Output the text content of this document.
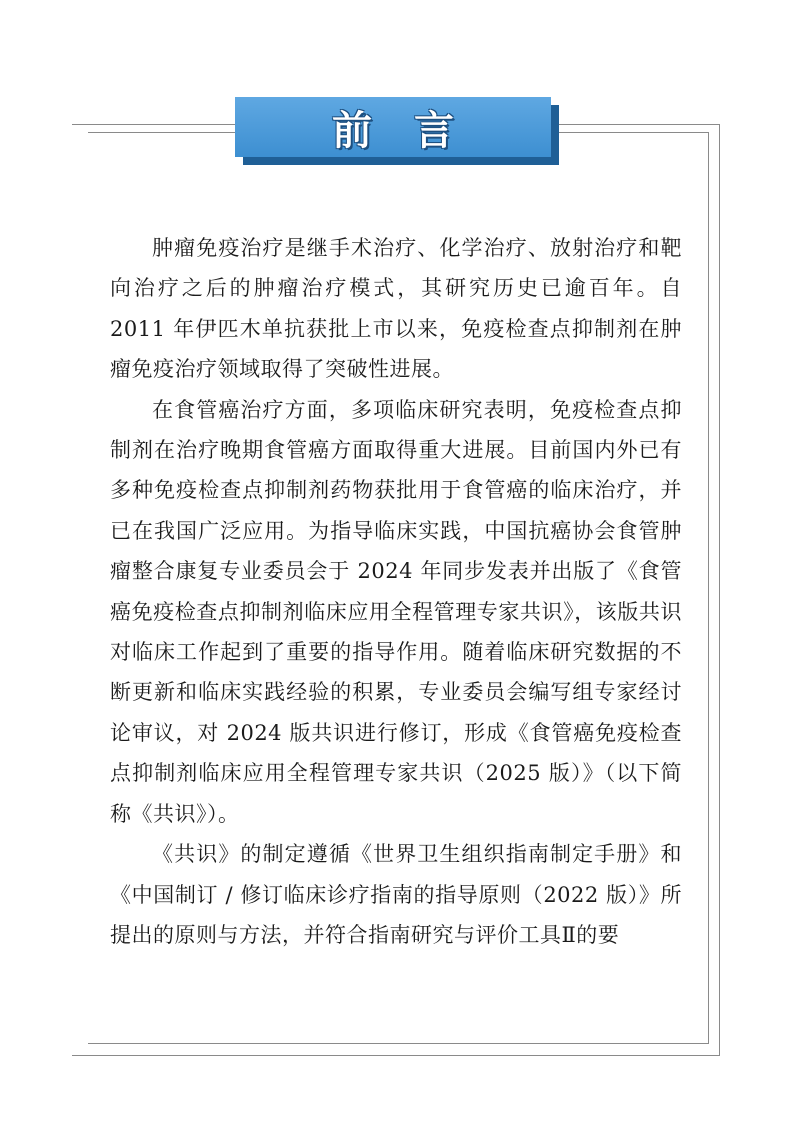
前言

肿瘤免疫治疗是继手术治疗、化学治疗、放射治疗和靶向治疗之后的肿瘤治疗模式，其研究历史已逾百年。自 2011 年伊匹木单抗获批上市以来，免疫检查点抑制剂在肿瘤免疫治疗领域取得了突破性进展。

在食管癌治疗方面，多项临床研究表明，免疫检查点抑制剂在治疗晚期食管癌方面取得重大进展。目前国内外已有多种免疫检查点抑制剂药物获批用于食管癌的临床治疗，并已在我国广泛应用。为指导临床实践，中国抗癌协会食管肿瘤整合康复专业委员会于 2024 年同步发表并出版了《食管癌免疫检查点抑制剂临床应用全程管理专家共识》，该版共识对临床工作起到了重要的指导作用。随着临床研究数据的不断更新和临床实践经验的积累，专业委员会编写组专家经讨论审议，对 2024 版共识进行修订，形成《食管癌免疫检查点抑制剂临床应用全程管理专家共识（2025 版）》（以下简称《共识》）。

《共识》的制定遵循《世界卫生组织指南制定手册》和《中国制订 / 修订临床诊疗指南的指导原则（2022 版）》所提出的原则与方法，并符合指南研究与评价工具Ⅱ的要
